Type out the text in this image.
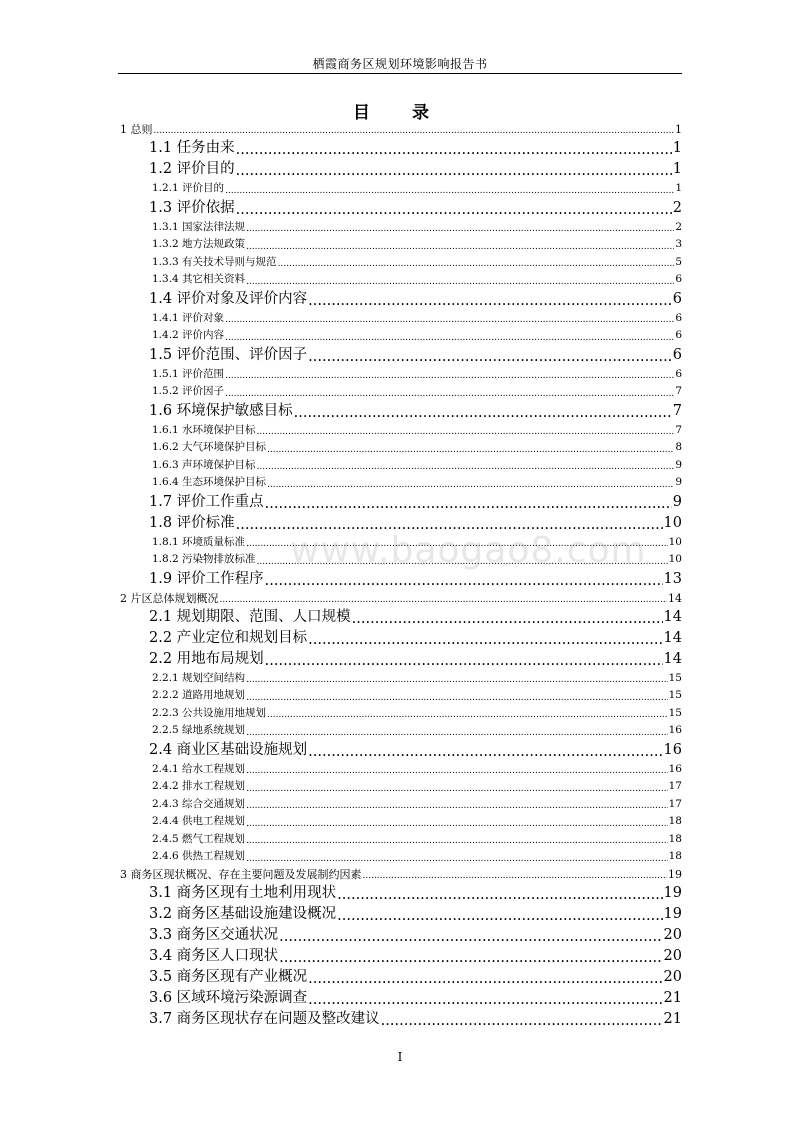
栖霞商务区规划环境影响报告书
目 录
1 总则 .....	1
1.1 任务由来 .....	1
1.2 评价目的 .....	1
1.2.1 评价目的 .....	1
1.3 评价依据 .....	2
1.3.1 国家法律法规 .....	2
1.3.2 地方法规政策 .....	3
1.3.3 有关技术导则与规范 .....	5
1.3.4 其它相关资料 .....	6
1.4 评价对象及评价内容 .....	6
1.4.1 评价对象 .....	6
1.4.2 评价内容 .....	6
1.5 评价范围、评价因子 .....	6
1.5.1 评价范围 .....	6
1.5.2 评价因子 .....	7
1.6 环境保护敏感目标 .....	7
1.6.1 水环境保护目标 .....	7
1.6.2 大气环境保护目标 .....	8
1.6.3 声环境保护目标 .....	9
1.6.4 生态环境保护目标 .....	9
1.7 评价工作重点 .....	9
1.8 评价标准 .....	10
1.8.1 环境质量标准 .....	10
1.8.2 污染物排放标准 .....	10
1.9 评价工作程序 .....	13
2 片区总体规划概况 .....	14
2.1 规划期限、范围、人口规模 .....	14
2.2 产业定位和规划目标 .....	14
2.2 用地布局规划 .....	14
2.2.1 规划空间结构 .....	15
2.2.2 道路用地规划 .....	15
2.2.3 公共设施用地规划 .....	15
2.2.5 绿地系统规划 .....	16
2.4 商业区基础设施规划 .....	16
2.4.1 给水工程规划 .....	16
2.4.2 排水工程规划 .....	17
2.4.3 综合交通规划 .....	17
2.4.4 供电工程规划 .....	18
2.4.5 燃气工程规划 .....	18
2.4.6 供热工程规划 .....	18
3 商务区现状概况、存在主要问题及发展制约因素 .....	19
3.1 商务区现有土地利用现状 .....	19
3.2 商务区基础设施建设概况 .....	19
3.3 商务区交通状况 .....	20
3.4 商务区人口现状 .....	20
3.5 商务区现有产业概况 .....	20
3.6 区域环境污染源调查 .....	21
3.7 商务区现状存在问题及整改建议 .....	21
www.baogao8.com
I
